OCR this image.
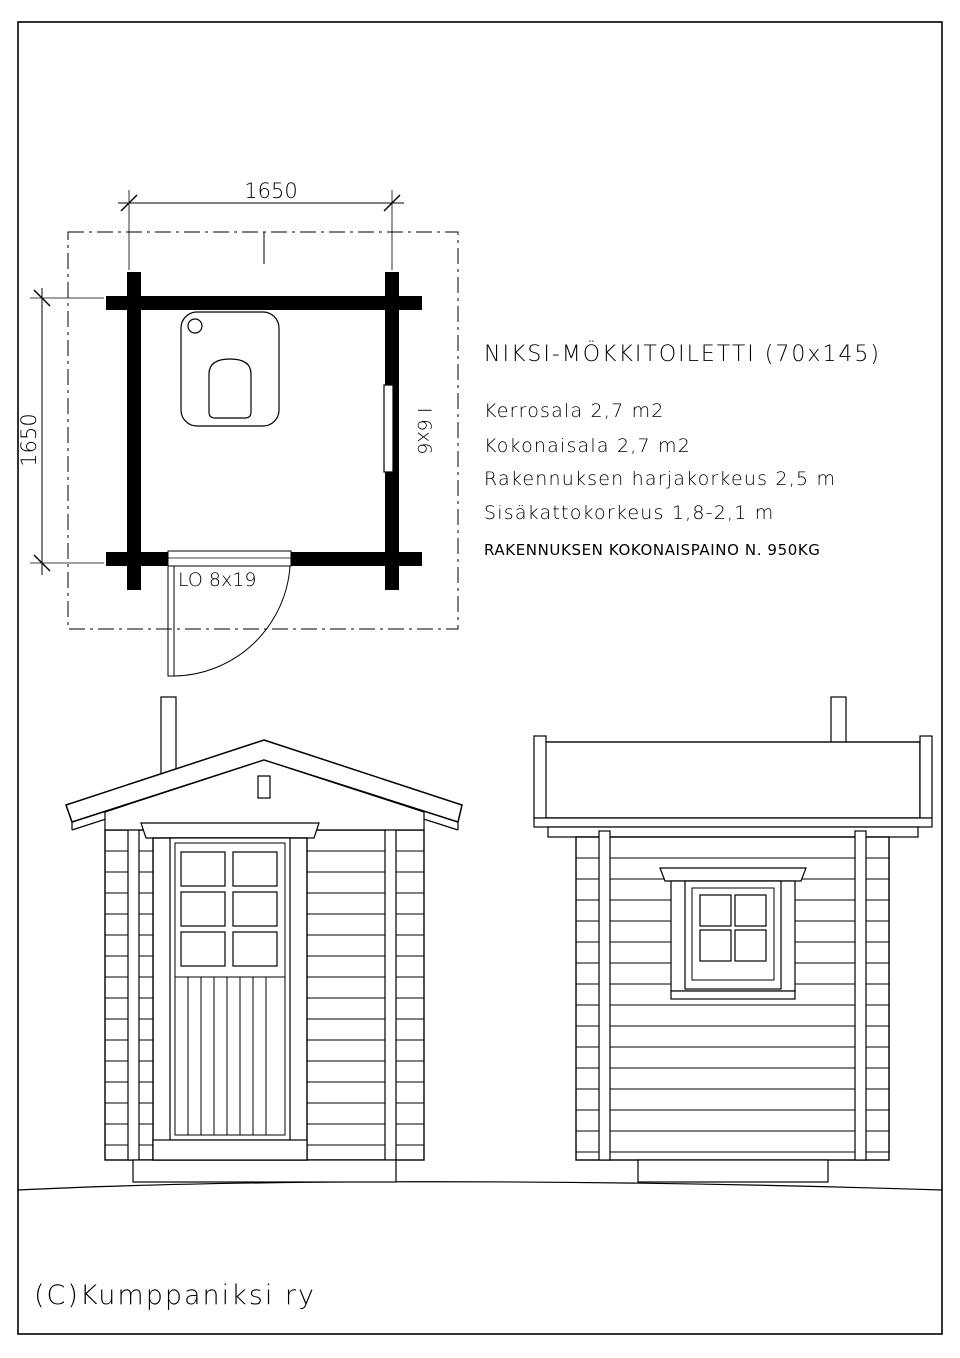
1650
1650	I 6x6
LO 8x19
NIKSI-MÖKKITOILETTI (70x145)
Kerrosala 2,7 m2
Kokonaisala 2,7 m2
Rakennuksen harjakorkeus 2,5 m
Sisäkattokorkeus 1,8-2,1 m
RAKENNUKSEN KOKONAISPAINO N. 950KG
(C)Kumppaniksi ry
